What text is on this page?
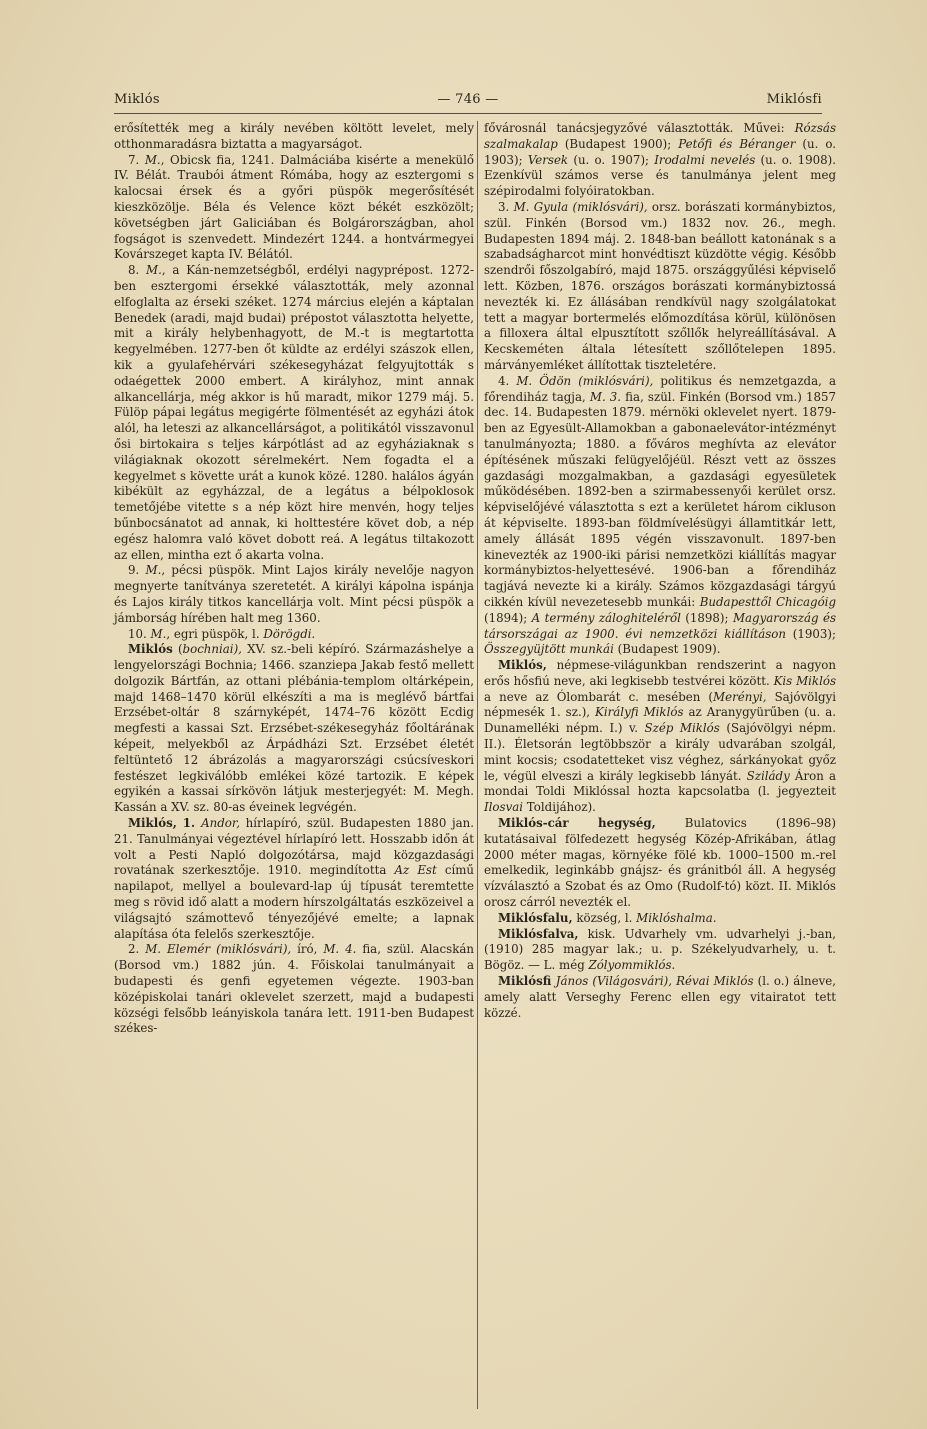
Miklós	— 746 —	Miklósfi

erősítették meg a király nevében költött levelet, mely otthonmaradásra biztatta a magyarságot.

7. M., Obicsk fia, 1241. Dalmáciába kisérte a menekülő IV. Bélát. Traubói átment Rómába, hogy az esztergomi s kalocsai érsek és a győri püspök megerősítését kieszközölje. Béla és Velence közt békét eszközölt; követségben járt Galiciában és Bolgárországban, ahol fogságot is szenvedett. Mindezért 1244. a hontvármegyei Kovárszeget kapta IV. Bélától.

8. M., a Kán-nemzetségből, erdélyi nagyprépost. 1272-ben esztergomi érsekké választották, mely azonnal elfoglalta az érseki széket. 1274 március elején a káptalan Benedek (aradi, majd budai) prépostot választotta helyette, mit a király helybenhagyott, de M.-t is megtartotta kegyelmében. 1277-ben őt küldte az erdélyi szászok ellen, kik a gyulafehérvári székesegyházat felgyujtották s odaégettek 2000 embert. A királyhoz, mint annak alkancellárja, még akkor is hű maradt, mikor 1279 máj. 5. Fülöp pápai legátus megigérte fölmentését az egyházi átok alól, ha leteszi az alkancellárságot, a politikától visszavonul ősi birtokaira s teljes kárpótlást ad az egyháziaknak s világiaknak okozott sérelmekért. Nem fogadta el a kegyelmet s követte urát a kunok közé. 1280. halálos ágyán kibékült az egyházzal, de a legátus a bélpoklosok temetőjébe vitette s a nép közt hire menvén, hogy teljes bűnbocsánatot ad annak, ki holttestére követ dob, a nép egész halomra való követ dobott reá. A legátus tiltakozott az ellen, mintha ezt ő akarta volna.

9. M., pécsi püspök. Mint Lajos király nevelője nagyon megnyerte tanítványa szeretetét. A királyi kápolna ispánja és Lajos király titkos kancellárja volt. Mint pécsi püspök a jámborság hírében halt meg 1360.

10. M., egri püspök, l. Dörögdi.

Miklós (bochniai), XV. sz.-beli képíró. Származáshelye a lengyelországi Bochnia; 1466. szanziepa Jakab festő mellett dolgozik Bártfán, az ottani plébánia-templom oltárképein, majd 1468–1470 körül elkészíti a ma is meglévő bártfai Erzsébet-oltár 8 szárnyképét, 1474–76 között Ecdig megfesti a kassai Szt. Erzsébet-székesegyház főoltárának képeit, melyekből az Árpádházi Szt. Erzsébet életét feltüntető 12 ábrázolás a magyarországi csúcsíveskori festészet legkiválóbb emlékei közé tartozik. E képek egyikén a kassai sírkövön látjuk mesterjegyét: M. Megh. Kassán a XV. sz. 80-as éveinek legvégén.

Miklós, 1. Andor, hírlapíró, szül. Budapesten 1880 jan. 21. Tanulmányai végeztével hírlapíró lett. Hosszabb időn át volt a Pesti Napló dolgozótársa, majd közgazdasági rovatának szerkesztője. 1910. megindította Az Est című napilapot, mellyel a boulevard-lap új típusát teremtette meg s rövid idő alatt a modern hírszolgáltatás eszközeivel a világsajtó számottevő tényezőjévé emelte; a lapnak alapítása óta felelős szerkesztője.

2. M. Elemér (miklósvári), író, M. 4. fia, szül. Alacskán (Borsod vm.) 1882 jún. 4. Főiskolai tanulmányait a budapesti és genfi egyetemen végezte. 1903-ban középiskolai tanári oklevelet szerzett, majd a budapesti községi felsőbb leányiskola tanára lett. 1911-ben Budapest székes-

fővárosnál tanácsjegyzővé választották. Művei: Rózsás szalmakalap (Budapest 1900); Petőfi és Béranger (u. o. 1903); Versek (u. o. 1907); Irodalmi nevelés (u. o. 1908). Ezenkívül számos verse és tanulmánya jelent meg szépirodalmi folyóiratokban.

3. M. Gyula (miklósvári), orsz. borászati kormánybiztos, szül. Finkén (Borsod vm.) 1832 nov. 26., megh. Budapesten 1894 máj. 2. 1848-ban beállott katonának s a szabadságharcot mint honvédtiszt küzdötte végig. Később szendrői főszolgabíró, majd 1875. országgyűlési képviselő lett. Közben, 1876. országos borászati kormánybiztossá nevezték ki. Ez állásában rendkívül nagy szolgálatokat tett a magyar bortermelés előmozdítása körül, különösen a filloxera által elpusztított szőllők helyreállításával. A Kecskeméten általa létesített szőllőtelepen 1895. márványemléket állítottak tiszteletére.

4. M. Ödön (miklósvári), politikus és nemzetgazda, a főrendiház tagja, M. 3. fia, szül. Finkén (Borsod vm.) 1857 dec. 14. Budapesten 1879. mérnöki oklevelet nyert. 1879-ben az Egyesült-Allamokban a gabonaelevátor-intézményt tanulmányozta; 1880. a főváros meghívta az elevátor építésének műszaki felügyelőjéül. Részt vett az összes gazdasági mozgalmakban, a gazdasági egyesületek működésében. 1892-ben a szirmabessenyői kerület orsz. képviselőjévé választotta s ezt a kerületet három cikluson át képviselte. 1893-ban földmívelésügyi államtitkár lett, amely állását 1895 végén visszavonult. 1897-ben kinevezték az 1900-iki párisi nemzetközi kiállítás magyar kormánybiztos-helyettesévé. 1906-ban a főrendiház tagjává nevezte ki a király. Számos közgazdasági tárgyú cikkén kívül nevezetesebb munkái: Budapesttől Chicagóig (1894); A termény záloghiteléről (1898); Magyarország és társországai az 1900. évi nemzetközi kiállításon (1903); Összegyüjtött munkái (Budapest 1909).

Miklós, népmese-világunkban rendszerint a nagyon erős hősfiú neve, aki legkisebb testvérei között. Kis Miklós a neve az Ólombarát c. mesében (Merényi, Sajóvölgyi népmesék 1. sz.), Királyfi Miklós az Aranygyürűben (u. a. Dunamelléki népm. I.) v. Szép Miklós (Sajóvölgyi népm. II.). Életsorán legtöbbször a király udvarában szolgál, mint kocsis; csodatetteket visz véghez, sárkányokat győz le, végül elveszi a király legkisebb lányát. Szilády Áron a mondai Toldi Miklóssal hozta kapcsolatba (l. jegyezteit Ilosvai Toldijához).

Miklós-cár hegység, Bulatovics (1896–98) kutatásaival fölfedezett hegység Közép-Afrikában, átlag 2000 méter magas, környéke fölé kb. 1000–1500 m.-rel emelkedik, leginkább gnájsz- és gránitból áll. A hegység vízválasztó a Szobat és az Omo (Rudolf-tó) közt. II. Miklós orosz cárról nevezték el.

Miklósfalu, község, l. Miklóshalma.

Miklósfalva, kisk. Udvarhely vm. udvarhelyi j.-ban, (1910) 285 magyar lak.; u. p. Székelyudvarhely, u. t. Bögöz. — L. még Zólyommiklós.

Miklósfi János (Világosvári), Révai Miklós (l. o.) álneve, amely alatt Verseghy Ferenc ellen egy vitairatot tett közzé.
